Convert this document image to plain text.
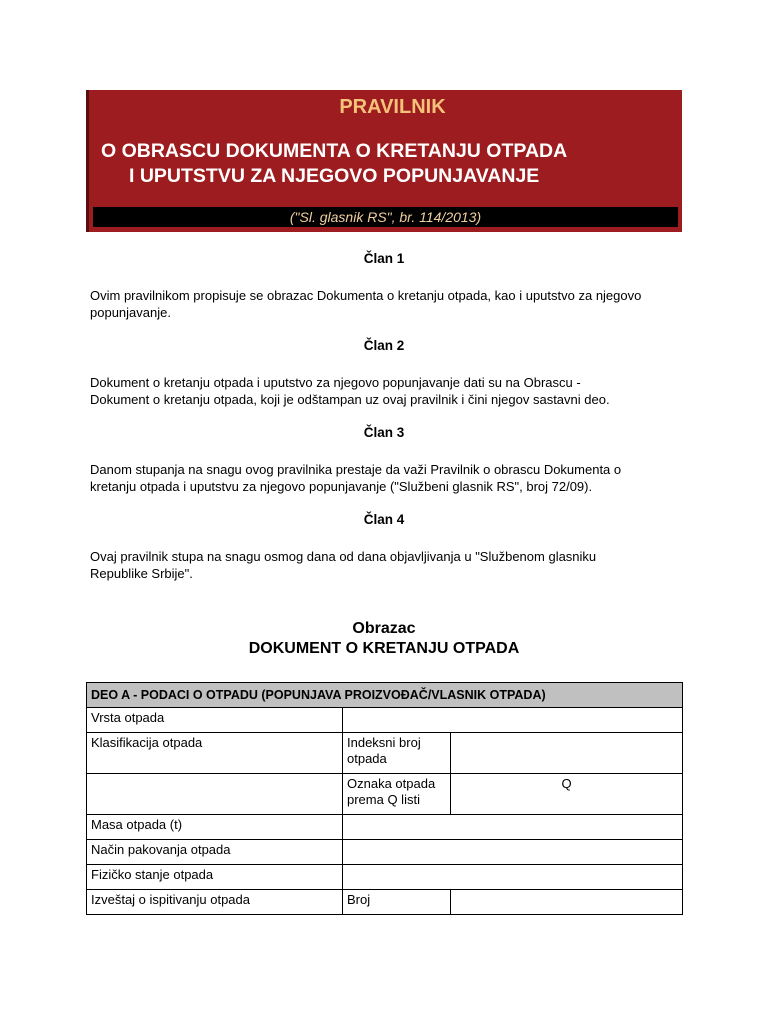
PRAVILNIK
O OBRASCU DOKUMENTA O KRETANJU OTPADA
I UPUTSTVU ZA NJEGOVO POPUNJAVANJE
("Sl. glasnik RS", br. 114/2013)
Član 1
Ovim pravilnikom propisuje se obrazac Dokumenta o kretanju otpada, kao i uputstvo za njegovo
popunjavanje.
Član 2
Dokument o kretanju otpada i uputstvo za njegovo popunjavanje dati su na Obrascu -
Dokument o kretanju otpada, koji je odštampan uz ovaj pravilnik i čini njegov sastavni deo.
Član 3
Danom stupanja na snagu ovog pravilnika prestaje da važi Pravilnik o obrascu Dokumenta o
kretanju otpada i uputstvu za njegovo popunjavanje ("Službeni glasnik RS", broj 72/09).
Član 4
Ovaj pravilnik stupa na snagu osmog dana od dana objavljivanja u "Službenom glasniku
Republike Srbije".
Obrazac
DOKUMENT O KRETANJU OTPADA
DEO A - PODACI O OTPADU (POPUNJAVA PROIZVOĐAČ/VLASNIK OTPADA)		
Vrsta otpada		
Klasifikacija otpada	Indeksni broj
otpada	

	Oznaka otpada
prema Q listi	Q
Masa otpada (t)		
Način pakovanja otpada		
Fizičko stanje otpada		
Izveštaj o ispitivanju otpada	Broj	
